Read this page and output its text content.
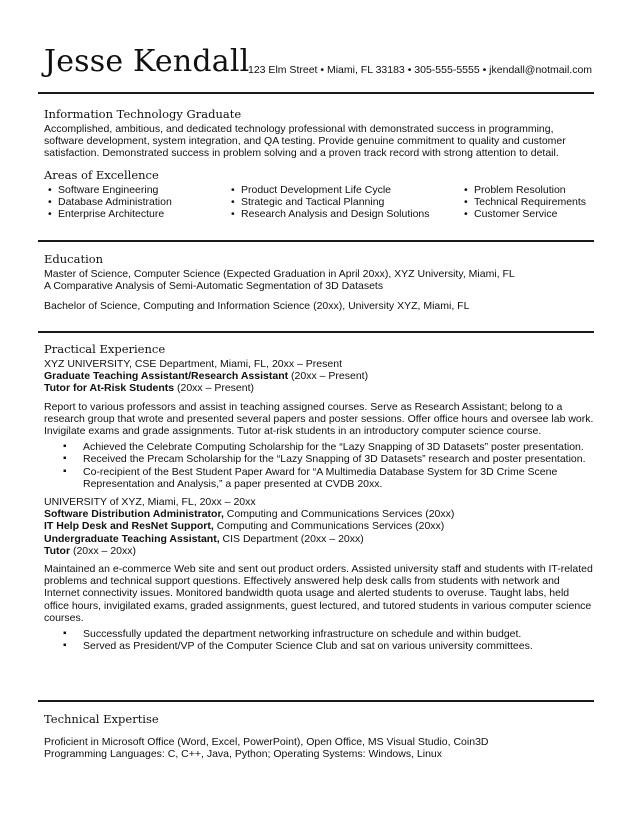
Jesse Kendall
123 Elm Street • Miami, FL 33183 • 305-555-5555 • jkendall@notmail.com
Information Technology Graduate

Accomplished, ambitious, and dedicated technology professional with demonstrated success in programming, software development, system integration, and QA testing. Provide genuine commitment to quality and customer satisfaction. Demonstrated success in problem solving and a proven track record with strong attention to detail.

Areas of Excellence
• Software Engineering
• Database Administration
• Enterprise Architecture
• Product Development Life Cycle
• Strategic and Tactical Planning
• Research Analysis and Design Solutions
• Problem Resolution
• Technical Requirements
• Customer Service
Education

Master of Science, Computer Science (Expected Graduation in April 20xx), XYZ University, Miami, FL

A Comparative Analysis of Semi-Automatic Segmentation of 3D Datasets

Bachelor of Science, Computing and Information Science (20xx), University XYZ, Miami, FL

Practical Experience

XYZ UNIVERSITY, CSE Department, Miami, FL, 20xx – Present

Graduate Teaching Assistant/Research Assistant (20xx – Present)

Tutor for At-Risk Students (20xx – Present)

Report to various professors and assist in teaching assigned courses. Serve as Research Assistant; belong to a research group that wrote and presented several papers and poster sessions. Offer office hours and oversee lab work. Invigilate exams and grade assignments. Tutor at-risk students in an introductory computer science course.

▪ Achieved the Celebrate Computing Scholarship for the “Lazy Snapping of 3D Datasets” poster presentation.
▪ Received the Precam Scholarship for the “Lazy Snapping of 3D Datasets” research and poster presentation.
▪ Co-recipient of the Best Student Paper Award for “A Multimedia Database System for 3D Crime Scene Representation and Analysis,” a paper presented at CVDB 20xx.

UNIVERSITY of XYZ, Miami, FL, 20xx – 20xx

Software Distribution Administrator, Computing and Communications Services (20xx)

IT Help Desk and ResNet Support, Computing and Communications Services (20xx)

Undergraduate Teaching Assistant, CIS Department (20xx – 20xx)

Tutor (20xx – 20xx)

Maintained an e-commerce Web site and sent out product orders. Assisted university staff and students with IT-related problems and technical support questions. Effectively answered help desk calls from students with network and Internet connectivity issues. Monitored bandwidth quota usage and alerted students to overuse. Taught labs, held office hours, invigilated exams, graded assignments, guest lectured, and tutored students in various computer science courses.

▪ Successfully updated the department networking infrastructure on schedule and within budget.
▪ Served as President/VP of the Computer Science Club and sat on various university committees.
Technical Expertise

Proficient in Microsoft Office (Word, Excel, PowerPoint), Open Office, MS Visual Studio, Coin3D

Programming Languages: C, C++, Java, Python; Operating Systems: Windows, Linux
